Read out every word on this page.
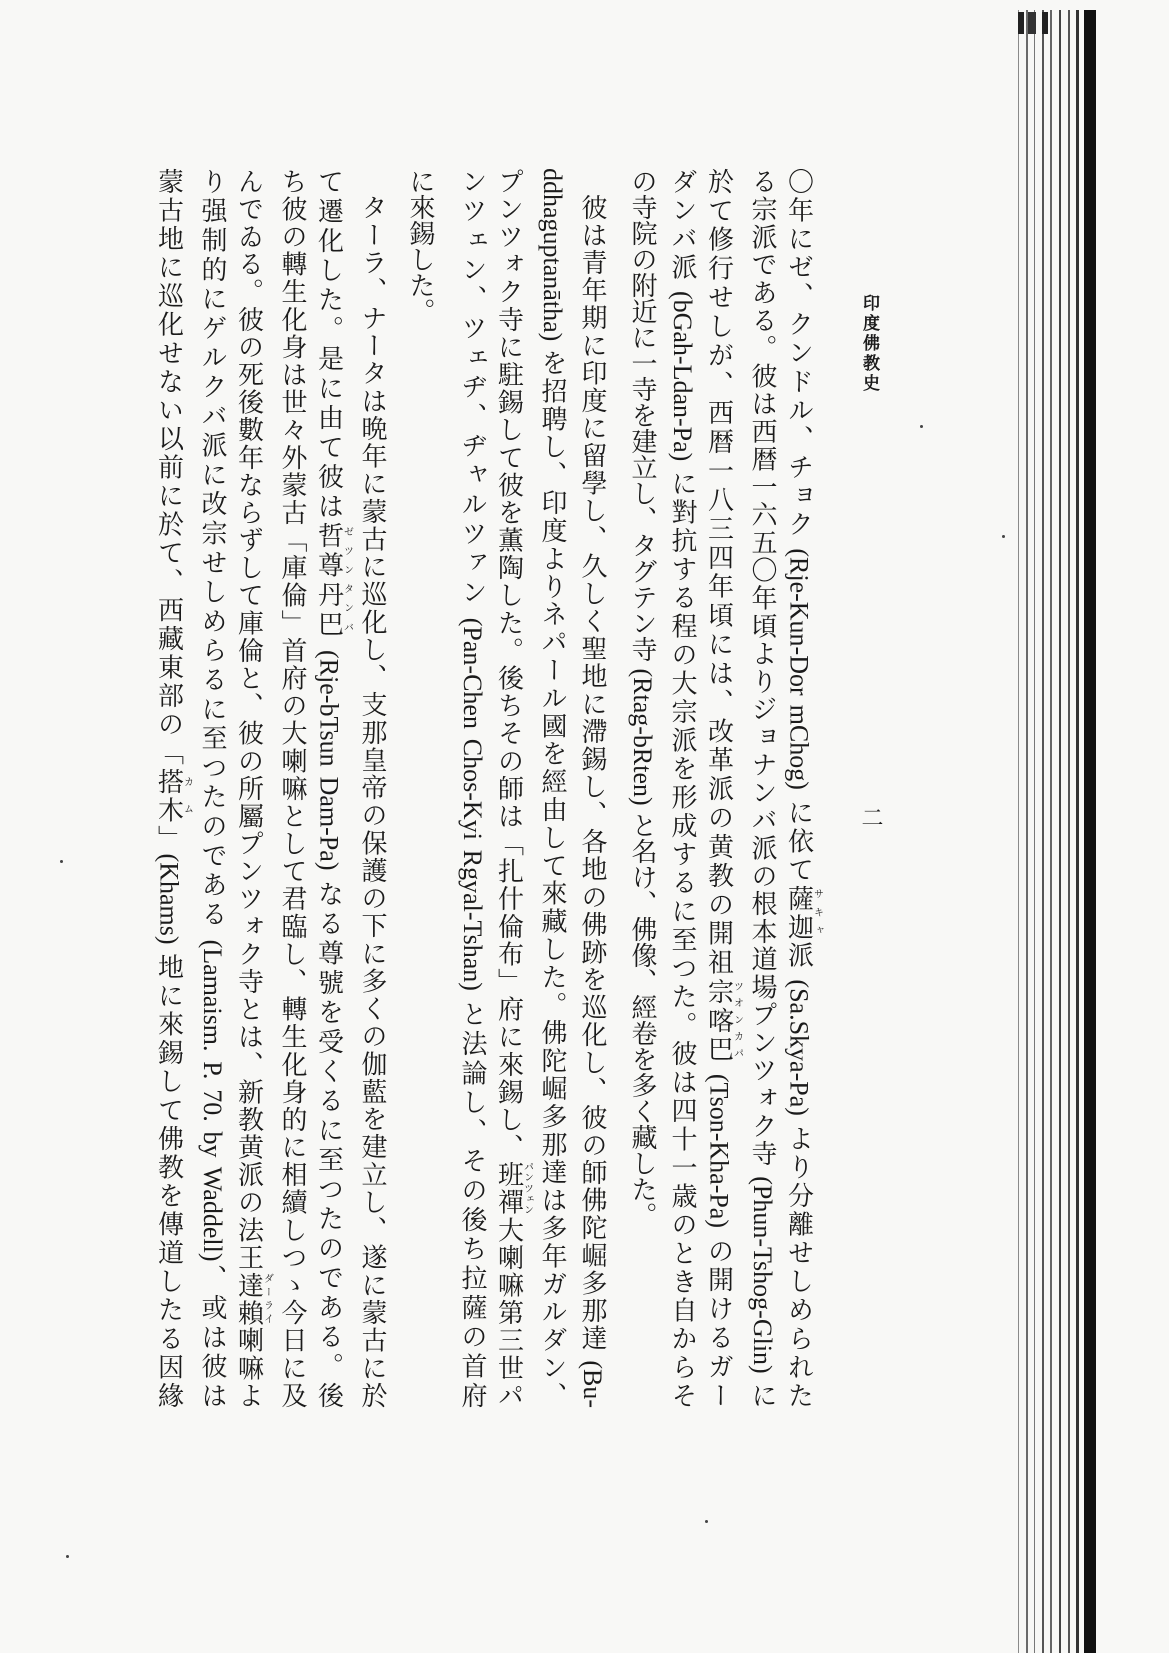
印度佛教史
二
〇年にゼ、クンドル、チョク (Rje-Kun-Dor mChog) に依て薩迦サキャ派 (Sa.Skya-Pa) より分離せしめられた
る宗派である。彼は西暦一六五〇年頃よりジョナンバ派の根本道場プンツォク寺 (Phun-Tshog-Glin) に
於て修行せしが、西暦一八三四年頃には、改革派の黄教の開祖宗喀巴ツオンカパ (Tson-Kha-Pa) の開けるガー
ダンバ派 (bGah-Ldan-Pa) に對抗する程の大宗派を形成するに至つた。彼は四十一歳のとき自からそ
の寺院の附近に一寺を建立し、タグテン寺 (Rtag-bRten) と名け、佛像、經卷を多く藏した。
彼は青年期に印度に留學し、久しく聖地に滯錫し、各地の佛跡を巡化し、彼の師佛陀崛多那達 (Bu-
ddhaguptanātha) を招聘し、印度よりネパール國を經由して來藏した。佛陀崛多那達は多年ガルダン、
プンツォク寺に駐錫して彼を薫陶した。後ちその師は「扎什倫布」府に來錫し、班禪パンツェン大喇嘛第三世パ
ンツェン、ツェヂ、ヂャルツァン (Pan-Chen Chos-Kyi Rgyal-Tshan) と法論し、その後ち拉薩の首府
に來錫した。
ターラ、ナータは晩年に蒙古に巡化し、支那皇帝の保護の下に多くの伽藍を建立し、遂に蒙古に於
て遷化した。是に由て彼は哲尊丹巴ゼツンタンバ (Rje-bTsun Dam-Pa) なる尊號を受くるに至つたのである。後
ち彼の轉生化身は世々外蒙古「庫倫」首府の大喇嘛として君臨し、轉生化身的に相續しつゝ今日に及
んでゐる。彼の死後數年ならずして庫倫と、彼の所屬プンツォク寺とは、新教黄派の法王達賴ダーライ喇嘛よ
り强制的にゲルクバ派に改宗せしめらるに至つたのである (Lamaism. P. 70. by Waddell)、或は彼は
蒙古地に巡化せない以前に於て、西藏東部の「搭木カム」(Khams) 地に來錫して佛教を傳道したる因緣
